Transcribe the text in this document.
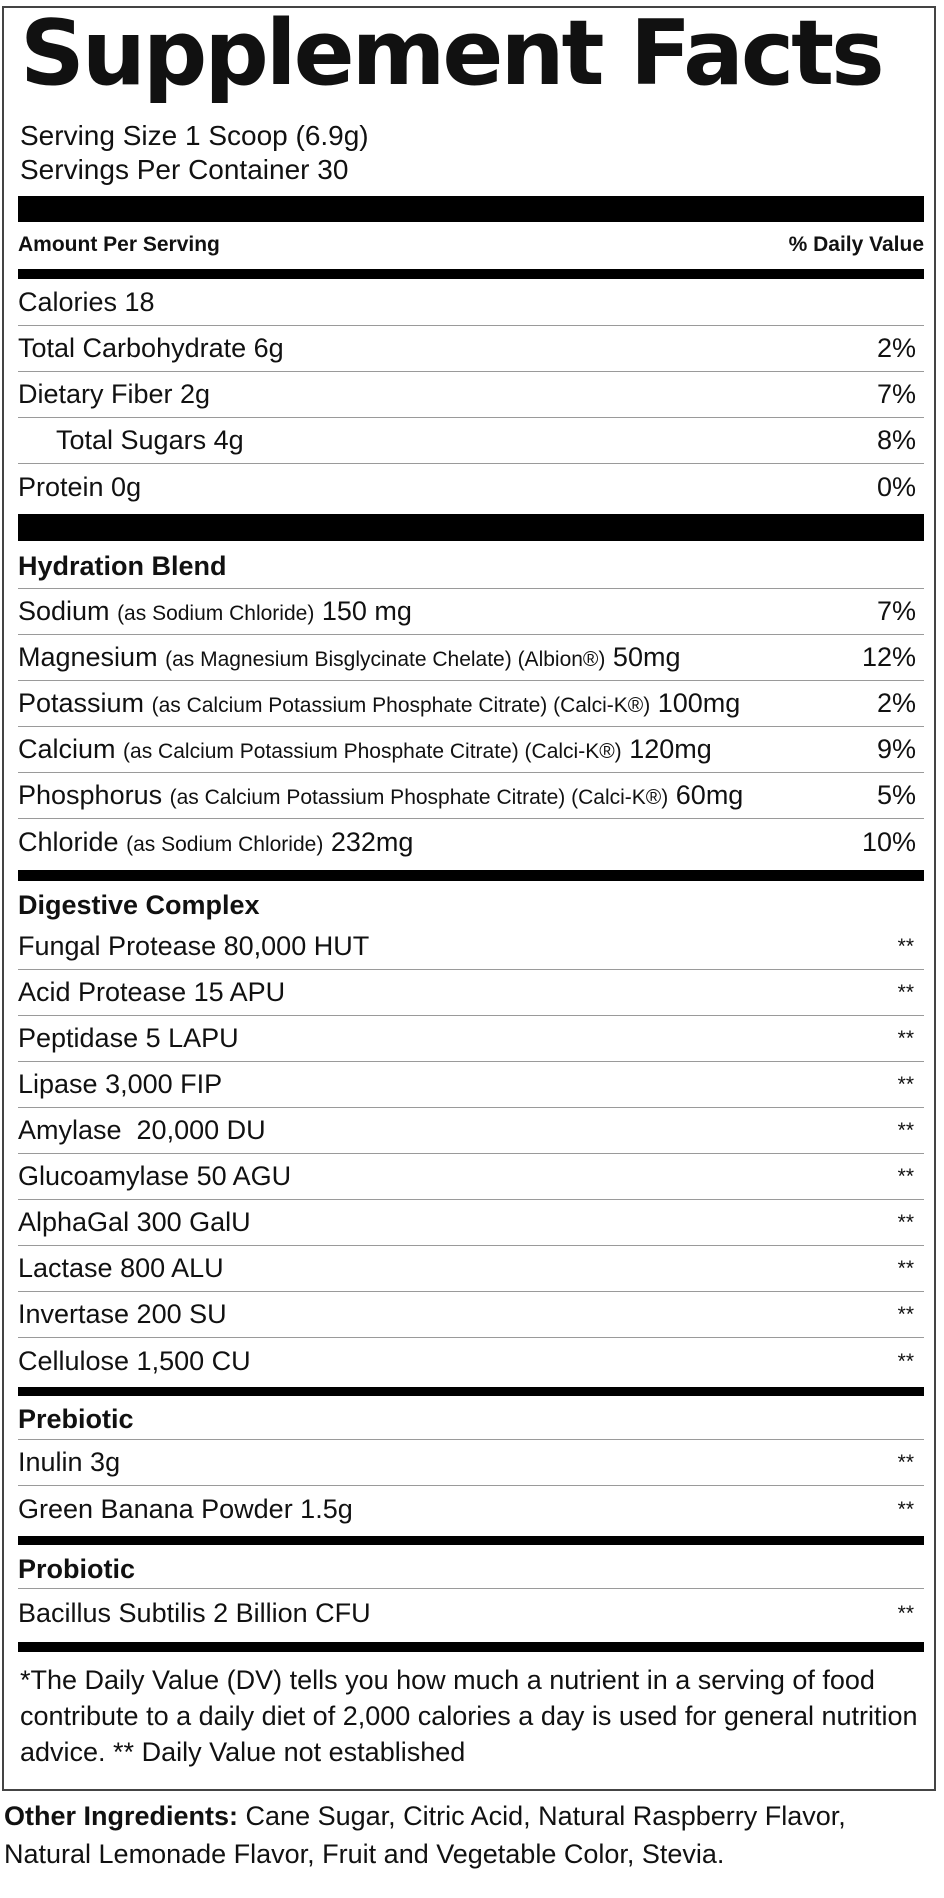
Supplement Facts
Serving Size 1 Scoop (6.9g)
Servings Per Container 30
Amount Per Serving	% Daily Value
Calories 18
Total Carbohydrate 6g	2%
Dietary Fiber 2g	7%
Total Sugars 4g	8%
Protein 0g	0%
Hydration Blend
Sodium (as Sodium Chloride) 150 mg	7%
Magnesium (as Magnesium Bisglycinate Chelate) (Albion®) 50mg	12%
Potassium (as Calcium Potassium Phosphate Citrate) (Calci-K®) 100mg	2%
Calcium (as Calcium Potassium Phosphate Citrate) (Calci-K®) 120mg	9%
Phosphorus (as Calcium Potassium Phosphate Citrate) (Calci-K®) 60mg	5%
Chloride (as Sodium Chloride) 232mg	10%
Digestive Complex
Fungal Protease 80,000 HUT	**
Acid Protease 15 APU	**
Peptidase 5 LAPU	**
Lipase 3,000 FIP	**
Amylase  20,000 DU	**
Glucoamylase 50 AGU	**
AlphaGal 300 GalU	**
Lactase 800 ALU	**
Invertase 200 SU	**
Cellulose 1,500 CU	**
Prebiotic
Inulin 3g	**
Green Banana Powder 1.5g	**
Probiotic
Bacillus Subtilis 2 Billion CFU	**
*The Daily Value (DV) tells you how much a nutrient in a serving of food contribute to a daily diet of 2,000 calories a day is used for general nutrition advice. ** Daily Value not established
Other Ingredients: Cane Sugar, Citric Acid, Natural Raspberry Flavor, Natural Lemonade Flavor, Fruit and Vegetable Color, Stevia.
